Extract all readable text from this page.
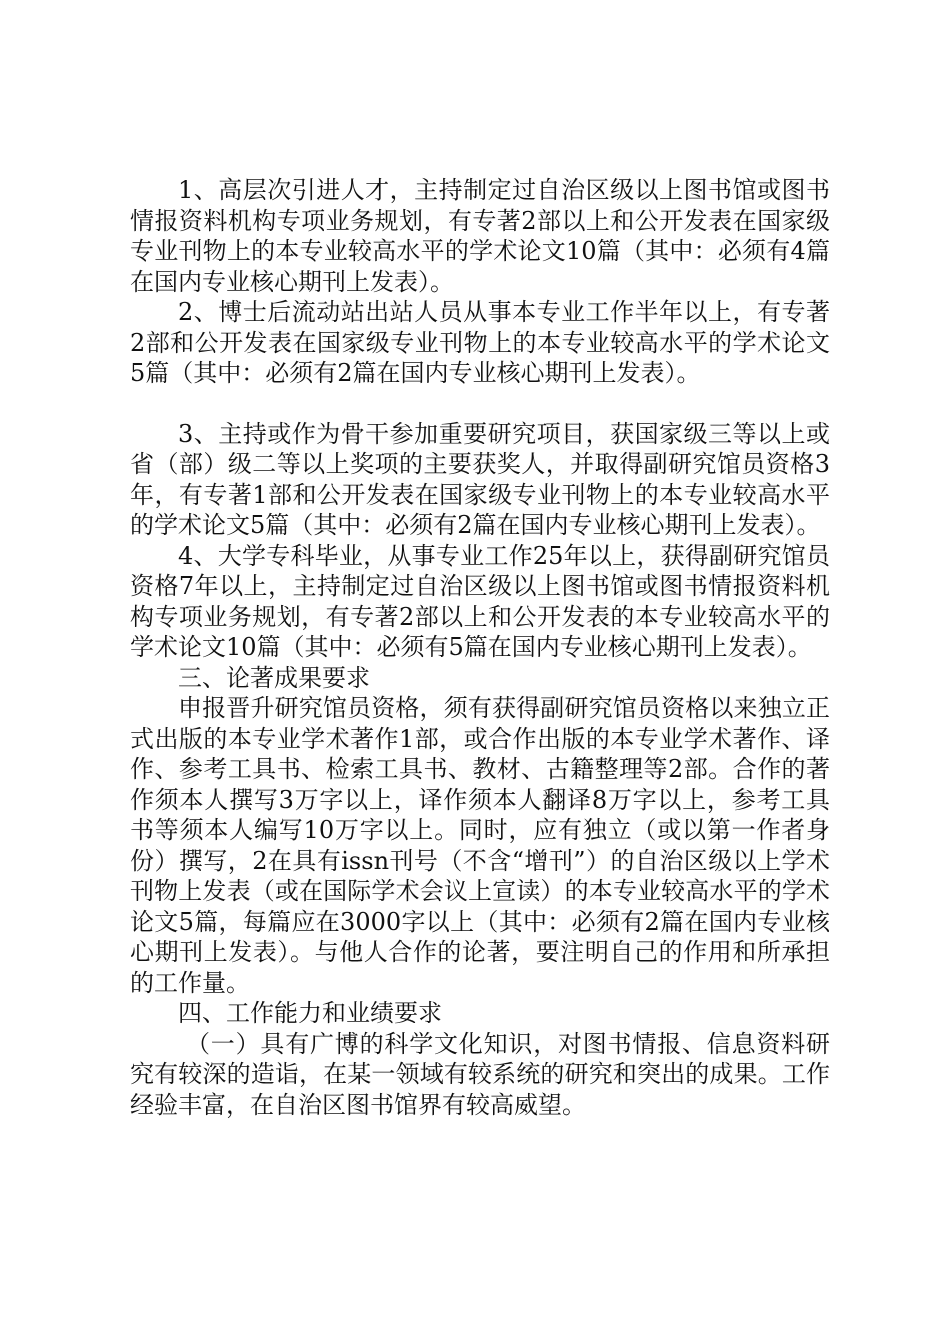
1、高层次引进人才，主持制定过自治区级以上图书馆或图书情报资料机构专项业务规划，有专著2部以上和公开发表在国家级专业刊物上的本专业较高水平的学术论文10篇（其中：必须有4篇在国内专业核心期刊上发表）。

2、博士后流动站出站人员从事本专业工作半年以上，有专著2部和公开发表在国家级专业刊物上的本专业较高水平的学术论文5篇（其中：必须有2篇在国内专业核心期刊上发表）。

3、主持或作为骨干参加重要研究项目，获国家级三等以上或省（部）级二等以上奖项的主要获奖人，并取得副研究馆员资格3年，有专著1部和公开发表在国家级专业刊物上的本专业较高水平的学术论文5篇（其中：必须有2篇在国内专业核心期刊上发表）。

4、大学专科毕业，从事专业工作25年以上，获得副研究馆员资格7年以上，主持制定过自治区级以上图书馆或图书情报资料机构专项业务规划，有专著2部以上和公开发表的本专业较高水平的学术论文10篇（其中：必须有5篇在国内专业核心期刊上发表）。

三、论著成果要求

申报晋升研究馆员资格，须有获得副研究馆员资格以来独立正式出版的本专业学术著作1部，或合作出版的本专业学术著作、译作、参考工具书、检索工具书、教材、古籍整理等2部。合作的著作须本人撰写3万字以上，译作须本人翻译8万字以上，参考工具书等须本人编写10万字以上。同时，应有独立（或以第一作者身份）撰写，2在具有issn刊号（不含“增刊”）的自治区级以上学术刊物上发表（或在国际学术会议上宣读）的本专业较高水平的学术论文5篇，每篇应在3000字以上（其中：必须有2篇在国内专业核心期刊上发表）。与他人合作的论著，要注明自己的作用和所承担的工作量。

四、工作能力和业绩要求

（一）具有广博的科学文化知识，对图书情报、信息资料研究有较深的造诣，在某一领域有较系统的研究和突出的成果。工作经验丰富，在自治区图书馆界有较高威望。
